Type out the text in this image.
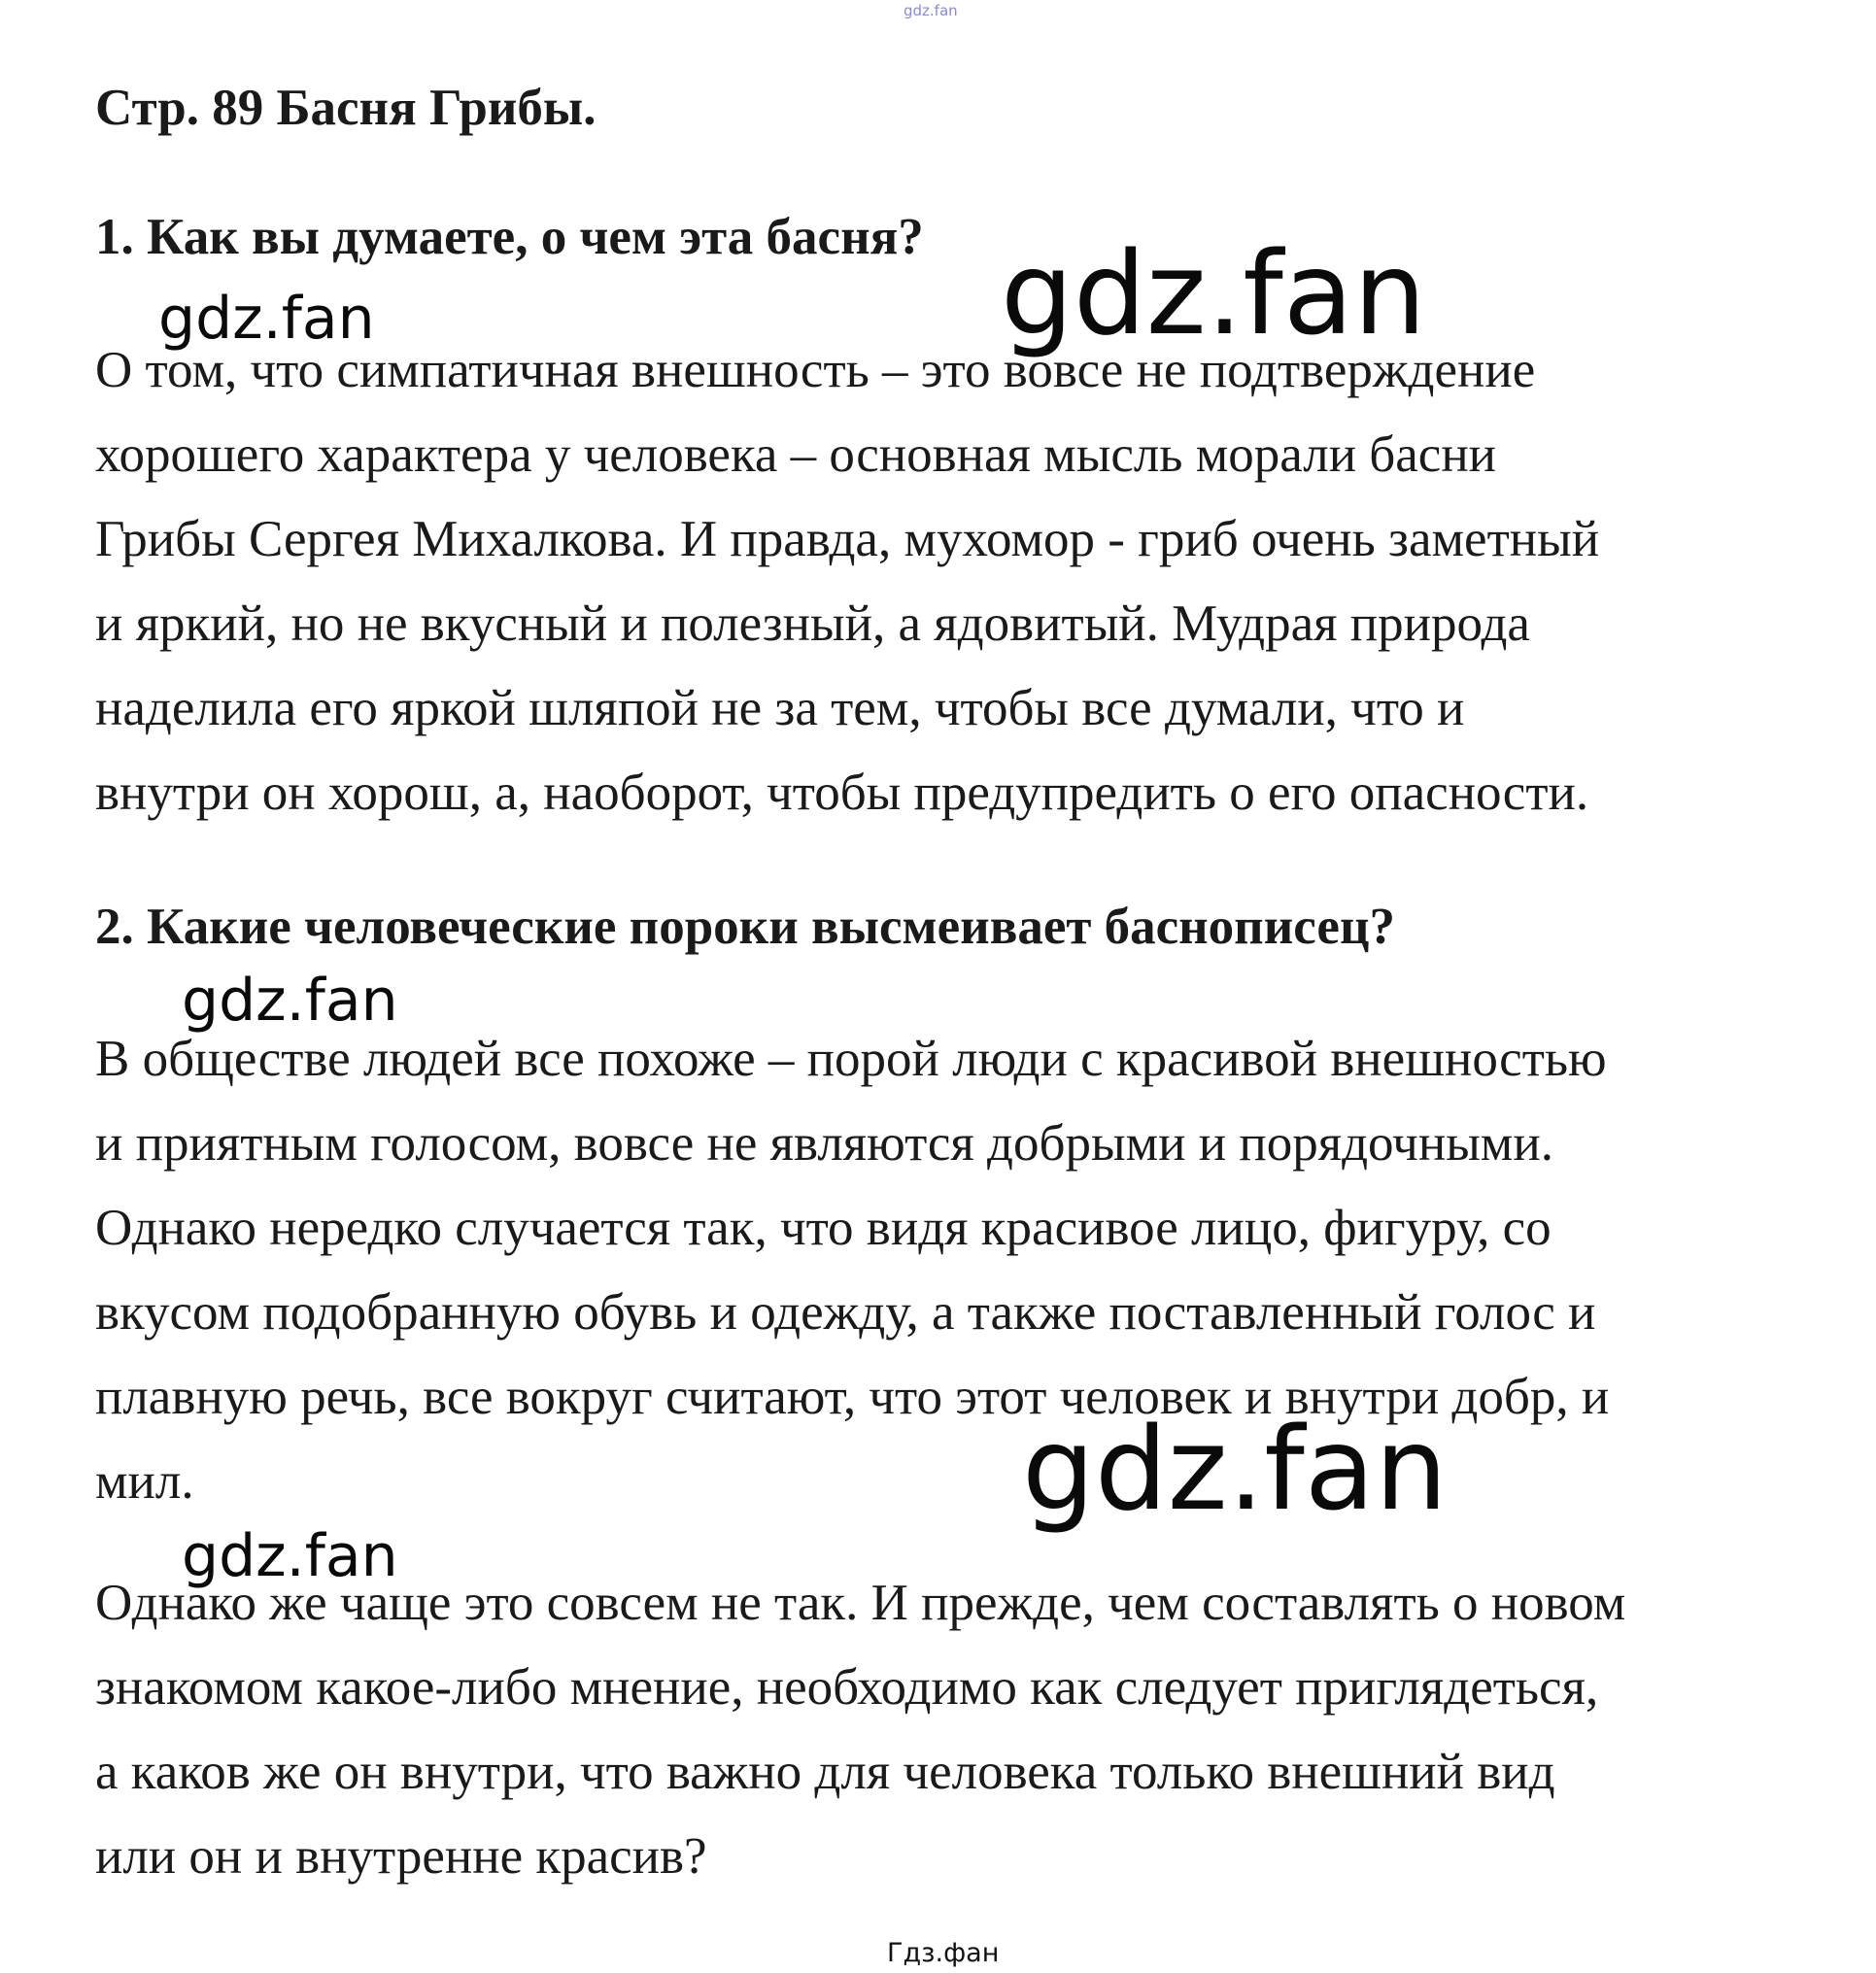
gdz.fan
Стр. 89 Басня Грибы.
1. Как вы думаете, о чем эта басня?
О том, что симпатичная внешность – это вовсе не подтверждение
хорошего характера у человека – основная мысль морали басни
Грибы Сергея Михалкова. И правда, мухомор - гриб очень заметный
и яркий, но не вкусный и полезный, а ядовитый. Мудрая природа
наделила его яркой шляпой не за тем, чтобы все думали, что и
внутри он хорош, а, наоборот, чтобы предупредить о его опасности.
2. Какие человеческие пороки высмеивает баснописец?
В обществе людей все похоже – порой люди с красивой внешностью
и приятным голосом, вовсе не являются добрыми и порядочными.
Однако нередко случается так, что видя красивое лицо, фигуру, со
вкусом подобранную обувь и одежду, а также поставленный голос и
плавную речь, все вокруг считают, что этот человек и внутри добр, и
мил.
Однако же чаще это совсем не так. И прежде, чем составлять о новом
знакомом какое-либо мнение, необходимо как следует приглядеться,
а каков же он внутри, что важно для человека только внешний вид
или он и внутренне красив?
gdz.fan	gdz.fan
gdz.fan
gdz.fan
gdz.fan
Гдз.фан
